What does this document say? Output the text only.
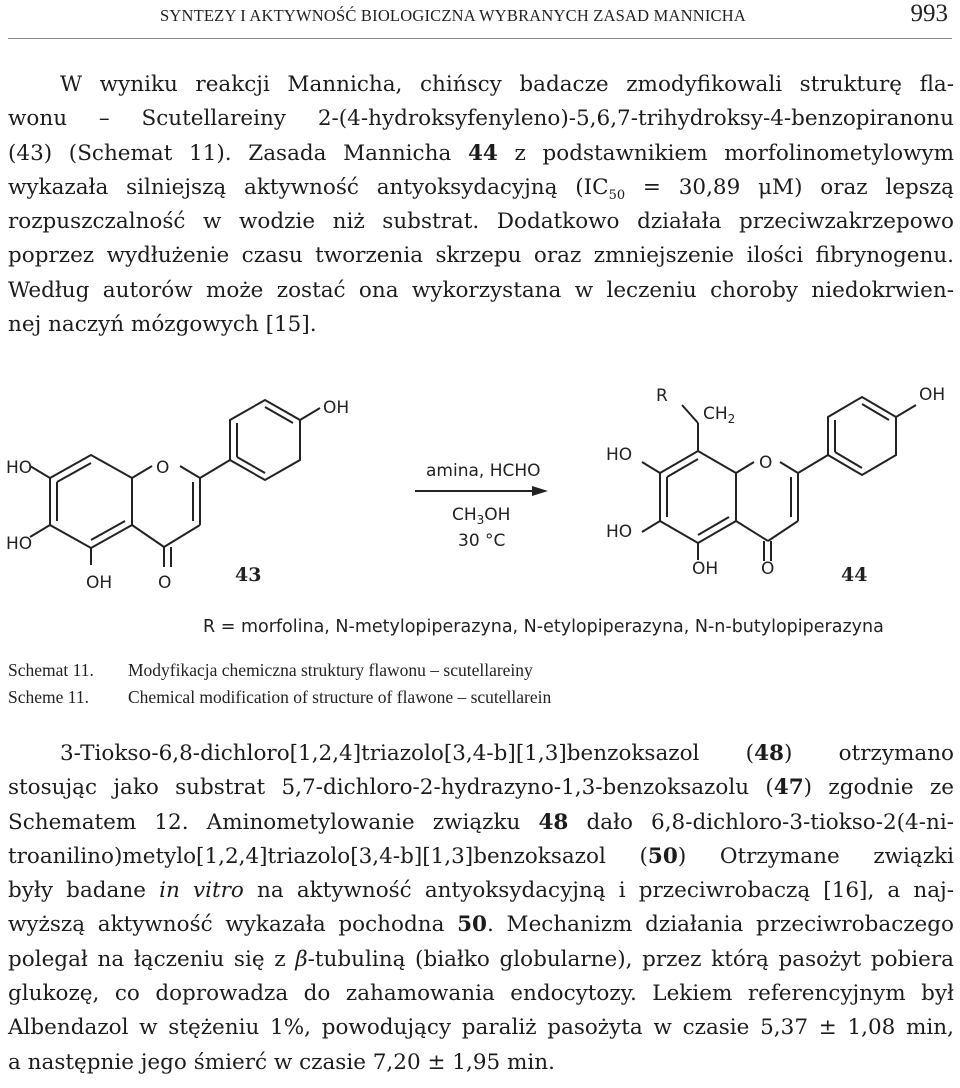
SYNTEZY I AKTYWNOŚĆ BIOLOGICZNA WYBRANYCH ZASAD MANNICHA	993
W wyniku reakcji Mannicha, chińscy badacze zmodyfikowali strukturę fla-
wonu – Scutellareiny 2-(4-hydroksyfenyleno)-5,6,7-trihydroksy-4-benzopiranonu
(43) (Schemat 11). Zasada Mannicha 44 z podstawnikiem morfolinometylowym
wykazała silniejszą aktywność antyoksydacyjną ($IC_{50} = 30,89$ μM) oraz lepszą
rozpuszczalność w wodzie niż substrat. Dodatkowo działała przeciwzakrzepowo
poprzez wydłużenie czasu tworzenia skrzepu oraz zmniejszenie ilości fibrynogenu.
Według autorów może zostać ona wykorzystana w leczeniu choroby niedokrwien-
nej naczyń mózgowych [15].
OH
HO
HO
OH
O
O	43
amina, HCHO
$CH_3OH$
30 °C
R
$CH_2$
OH
HO
HO
OH
O
O	44
R = morfolina, N-metylopiperazyna, N-etylopiperazyna, N-n-butylopiperazyna
Schemat 11.	Modyfikacja chemiczna struktury flawonu – scutellareiny
Scheme 11.	Chemical modification of structure of flawone – scutellarein
3-Tiokso-6,8-dichloro[1,2,4]triazolo[3,4-b][1,3]benzoksazol (48) otrzymano
stosując jako substrat 5,7-dichloro-2-hydrazyno-1,3-benzoksazolu (47) zgodnie ze
Schematem 12. Aminometylowanie związku 48 dało 6,8-dichloro-3-tiokso-2(4-ni-
troanilino)metylo[1,2,4]triazolo[3,4-b][1,3]benzoksazol (50) Otrzymane związki
były badane in vitro na aktywność antyoksydacyjną i przeciwrobaczą [16], a naj-
wyższą aktywność wykazała pochodna 50. Mechanizm działania przeciwrobaczego
polegał na łączeniu się z β-tubuliną (białko globularne), przez którą pasożyt pobiera
glukozę, co doprowadza do zahamowania endocytozy. Lekiem referencyjnym był
Albendazol w stężeniu 1%, powodujący paraliż pasożyta w czasie 5,37 ± 1,08 min,
a następnie jego śmierć w czasie 7,20 ± 1,95 min.
